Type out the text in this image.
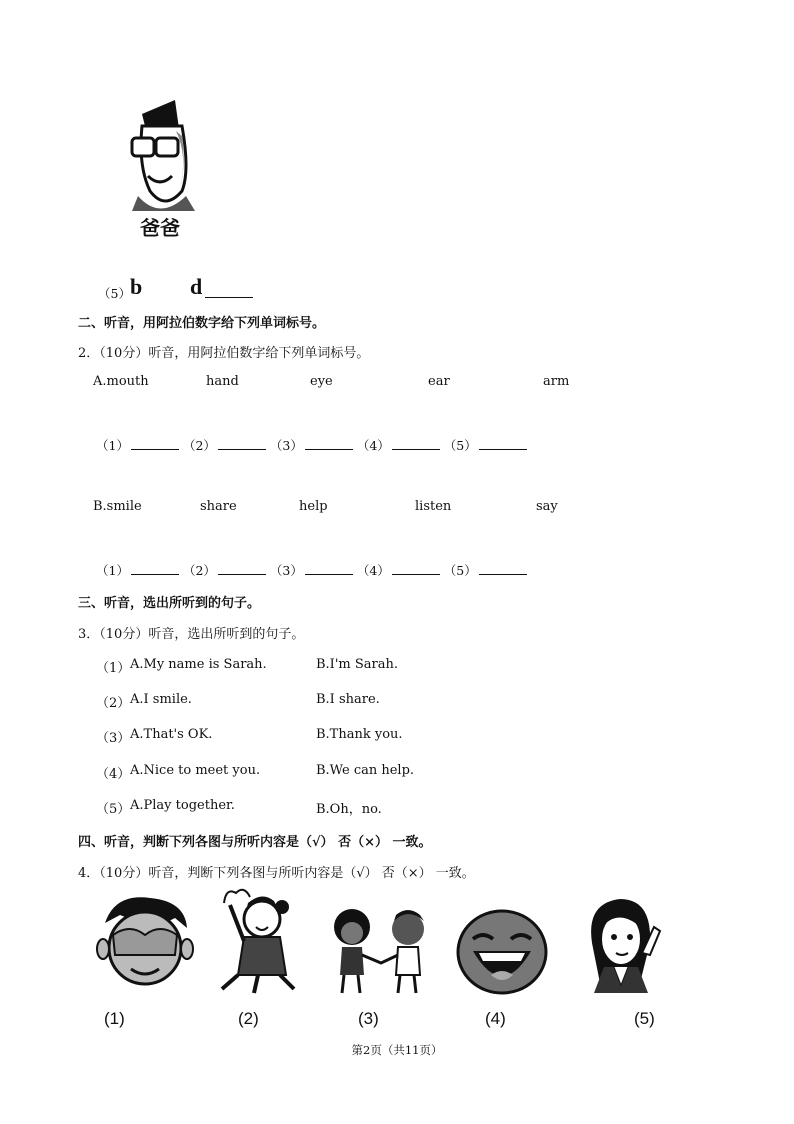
爸爸
（5） b d
二、听音，用阿拉伯数字给下列单词标号。
2．（10分）听音，用阿拉伯数字给下列单词标号。
A.mouth	hand	eye	ear	arm
（1）	（2）	（3）	（4）	（5）
B.smile	share	help	listen	say
（1）	（2）	（3）	（4）	（5）
三、听音，选出所听到的句子。
3．（10分）听音，选出所听到的句子。
（1） A.My name is Sarah.	B.I'm Sarah.
（2） A.I smile.	B.I share.
（3） A.That's OK.	B.Thank you.
（4） A.Nice to meet you.	B.We can help.
（5） A.Play together.	B.Oh，no.
四、听音，判断下列各图与所听内容是（√） 否（×） 一致。
4．（10分）听音，判断下列各图与所听内容是（√） 否（×） 一致。
(1)	(2)	(3)	(4)	(5)
第2页（共11页）
